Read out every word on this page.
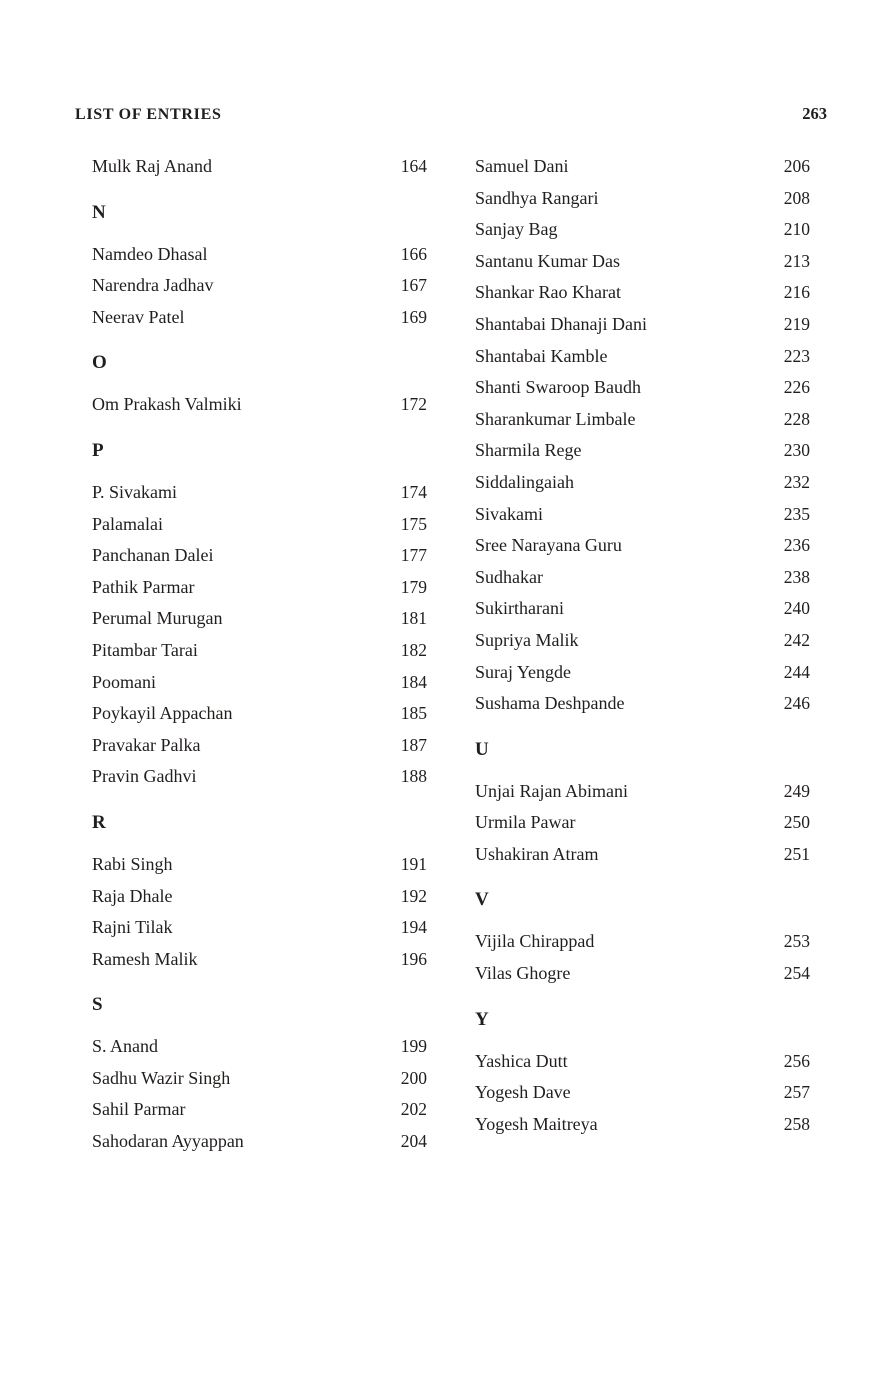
LIST OF ENTRIES	263
Mulk Raj Anand	164
N
Namdeo Dhasal	166
Narendra Jadhav	167
Neerav Patel	169
O
Om Prakash Valmiki	172
P
P. Sivakami	174
Palamalai	175
Panchanan Dalei	177
Pathik Parmar	179
Perumal Murugan	181
Pitambar Tarai	182
Poomani	184
Poykayil Appachan	185
Pravakar Palka	187
Pravin Gadhvi	188
R
Rabi Singh	191
Raja Dhale	192
Rajni Tilak	194
Ramesh Malik	196
S
S. Anand	199
Sadhu Wazir Singh	200
Sahil Parmar	202
Sahodaran Ayyappan	204
Samuel Dani	206
Sandhya Rangari	208
Sanjay Bag	210
Santanu Kumar Das	213
Shankar Rao Kharat	216
Shantabai Dhanaji Dani	219
Shantabai Kamble	223
Shanti Swaroop Baudh	226
Sharankumar Limbale	228
Sharmila Rege	230
Siddalingaiah	232
Sivakami	235
Sree Narayana Guru	236
Sudhakar	238
Sukirtharani	240
Supriya Malik	242
Suraj Yengde	244
Sushama Deshpande	246
U
Unjai Rajan Abimani	249
Urmila Pawar	250
Ushakiran Atram	251
V
Vijila Chirappad	253
Vilas Ghogre	254
Y
Yashica Dutt	256
Yogesh Dave	257
Yogesh Maitreya	258
